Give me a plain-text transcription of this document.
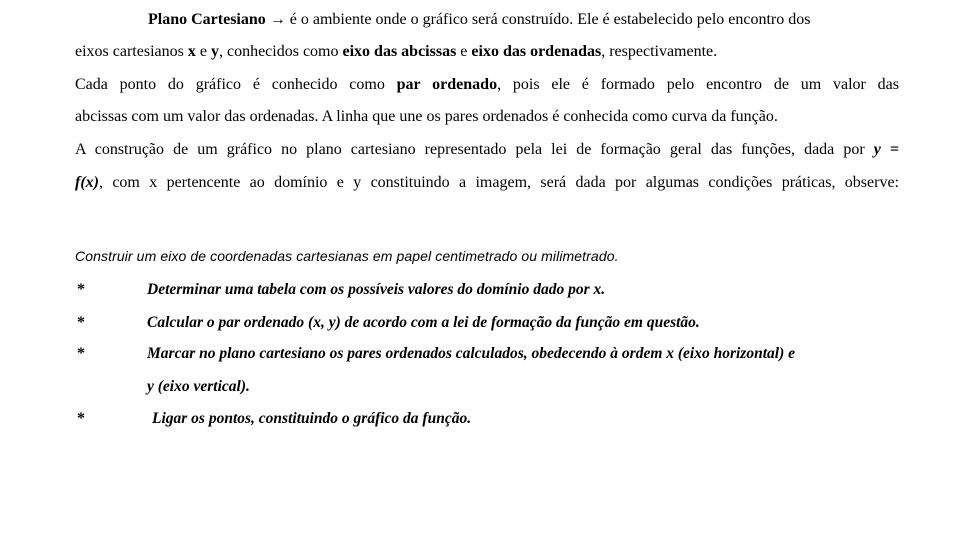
Plano Cartesiano → é o ambiente onde o gráfico será construído. Ele é estabelecido pelo encontro dos
eixos cartesianos x e y, conhecidos como eixo das abcissas e eixo das ordenadas, respectivamente.
Cada ponto do gráfico é conhecido como par ordenado, pois ele é formado pelo encontro de um valor das
abcissas com um valor das ordenadas. A linha que une os pares ordenados é conhecida como curva da função.
A construção de um gráfico no plano cartesiano representado pela lei de formação geral das funções, dada por y =
f(x), com x pertencente ao domínio e y constituindo a imagem, será dada por algumas condições práticas, observe:
Construir um eixo de coordenadas cartesianas em papel centimetrado ou milimetrado.
*	Determinar uma tabela com os possíveis valores do domínio dado por x.
*	Calcular o par ordenado (x, y) de acordo com a lei de formação da função em questão.
*	Marcar no plano cartesiano os pares ordenados calculados, obedecendo à ordem x (eixo horizontal) e
y (eixo vertical).
*	Ligar os pontos, constituindo o gráfico da função.
